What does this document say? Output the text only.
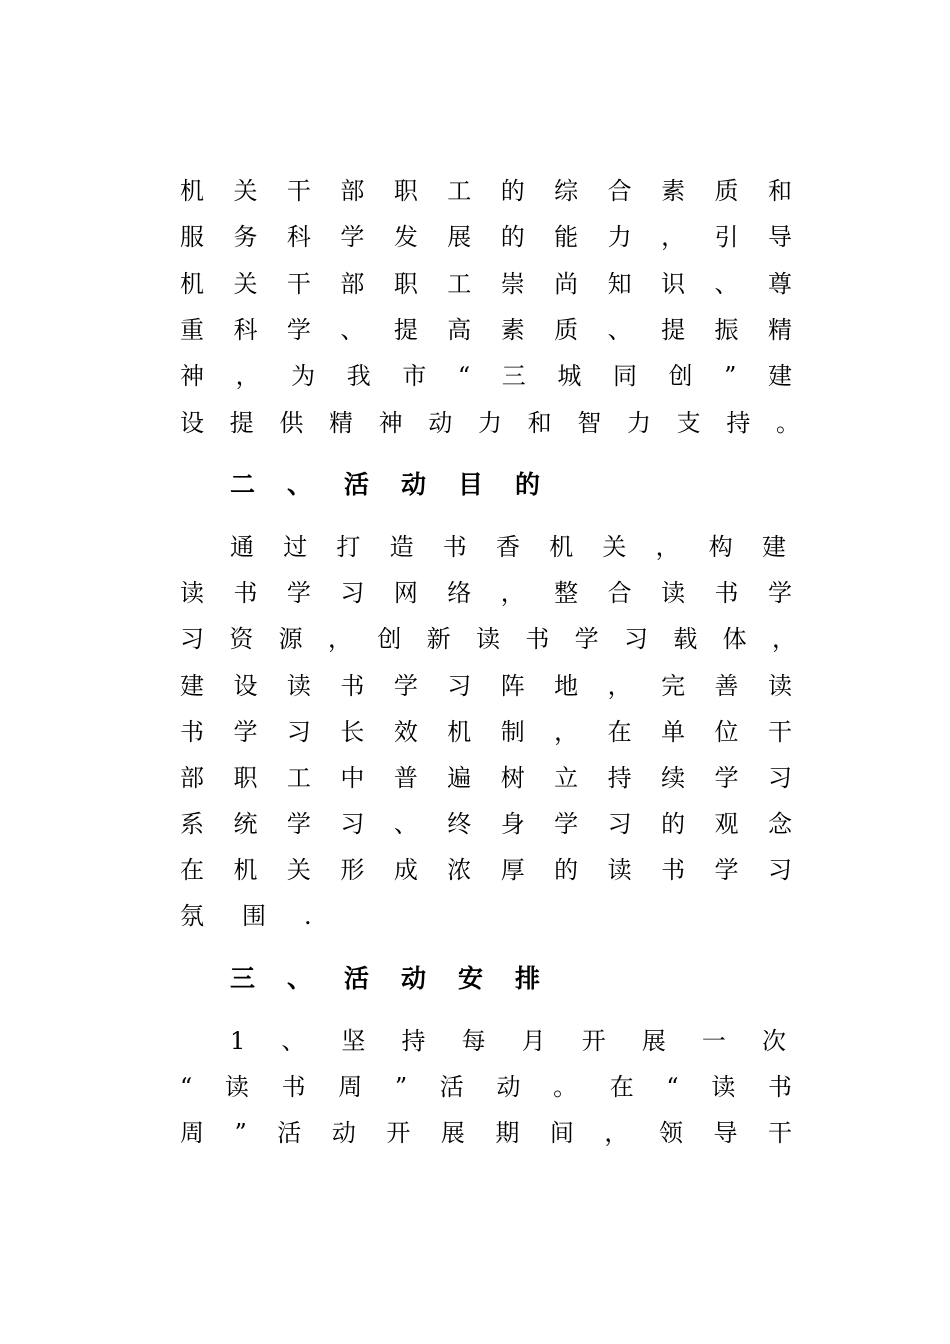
机关干部职工的综合素质和
服务科学发展的能力，引导
机关干部职工崇尚知识、尊
重科学、提高素质、提振精
神，为我市“三城同创”建
设提供精神动力和智力支持。
二、活动目的
通过打造书香机关，构建
读书学习网络，整合读书学
习资源，创新读书学习载体，
建设读书学习阵地，完善读
书学习长效机制，在单位干
部职工中普遍树立持续学习
系统学习、终身学习的观念
在机关形成浓厚的读书学习
氛围.
三、活动安排
1、坚持每月开展一次
“读书周”活动。在“读书
周”活动开展期间，领导干
